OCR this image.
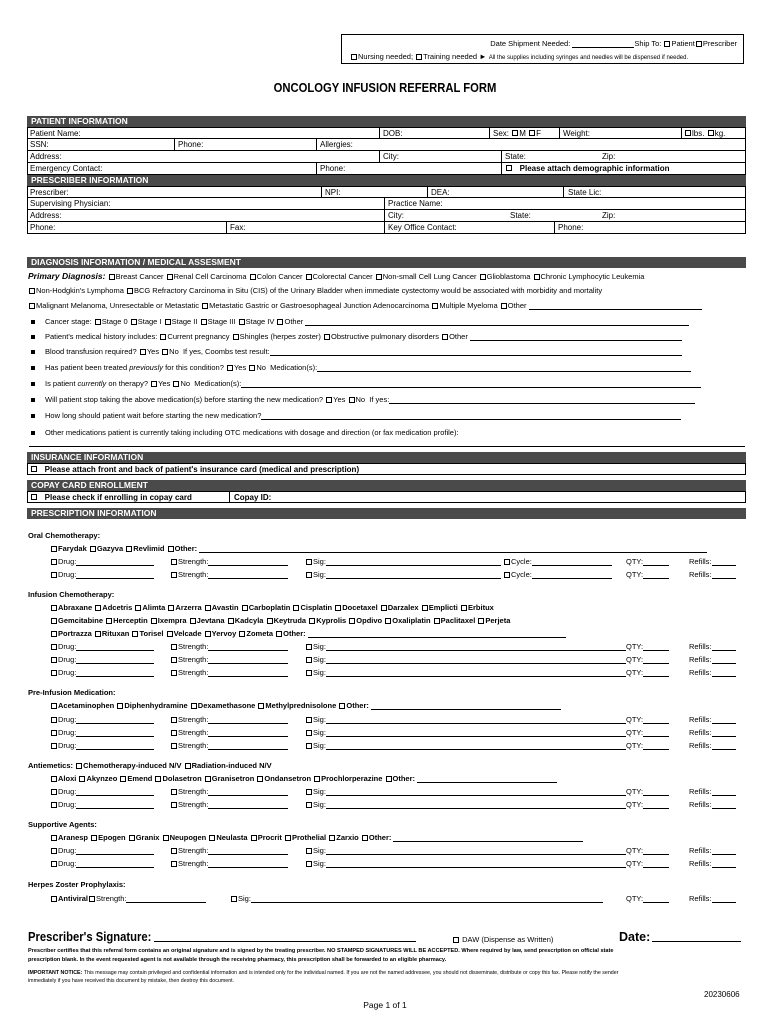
Date Shipment Needed:	Ship To: Patient Prescriber
Nursing needed; Training needed ► All the supplies including syringes and needles will be dispensed if needed.
ONCOLOGY INFUSION REFERRAL FORM
PATIENT INFORMATION
Patient Name:	DOB:	Sex: M F	Weight:	lbs. kg.
SSN:	Phone:	Allergies:
Address:	City:	State:	Zip:
Emergency Contact:	Phone:	Please attach demographic information
PRESCRIBER INFORMATION
Prescriber:	NPI:	DEA:	State Lic:
Supervising Physician:	Practice Name:
Address:	City:	State:	Zip:
Phone:	Fax:	Key Office Contact:	Phone:
DIAGNOSIS INFORMATION / MEDICAL ASSESMENT
Primary Diagnosis: Breast Cancer Renal Cell Carcinoma Colon Cancer Colorectal Cancer Non-small Cell Lung Cancer Glioblastoma Chronic Lymphocytic Leukemia
Non-Hodgkin's Lymphoma BCG Refractory Carcinoma in Situ (CIS) of the Urinary Bladder when immediate cystectomy would be associated with morbidity and mortality
Malignant Melanoma, Unresectable or Metastatic Metastatic Gastric or Gastroesophageal Junction Adenocarcinoma Multiple Myeloma Other
Cancer stage: Stage 0 Stage I Stage II Stage III Stage IV Other
Patient's medical history includes: Current pregnancy Shingles (herpes zoster) Obstructive pulmonary disorders Other
Blood transfusion required? Yes No If yes, Coombs test result:
Has patient been treated previously for this condition? Yes No Medication(s):
Is patient currently on therapy? Yes No Medication(s):
Will patient stop taking the above medication(s) before starting the new medication? Yes No If yes:
How long should patient wait before starting the new medication?
Other medications patient is currently taking including OTC medications with dosage and direction (or fax medication profile):
INSURANCE INFORMATION
Please attach front and back of patient's insurance card (medical and prescription)
COPAY CARD ENROLLMENT
Please check if enrolling in copay card	Copay ID:
PRESCRIPTION INFORMATION
Oral Chemotherapy:
Farydak Gazyva Revlimid Other:
Drug:	Strength:	Sig:	Cycle:	QTY:	Refills:
Drug:	Strength:	Sig:	Cycle:	QTY:	Refills:
Infusion Chemotherapy:
Abraxane Adcetris Alimta Arzerra Avastin Carboplatin Cisplatin Docetaxel Darzalex Emplicti Erbitux
Gemcitabine Herceptin Ixempra Jevtana Kadcyla Keytruda Kyprolis Opdivo Oxaliplatin Paclitaxel Perjeta
Portrazza Rituxan Torisel Velcade Yervoy Zometa Other:
Drug:	Strength:	Sig:	QTY:	Refills:
Drug:	Strength:	Sig:	QTY:	Refills:
Drug:	Strength:	Sig:	QTY:	Refills:
Pre-Infusion Medication:
Acetaminophen Diphenhydramine Dexamethasone Methylprednisolone Other:
Drug:	Strength:	Sig:	QTY:	Refills:
Drug:	Strength:	Sig:	QTY:	Refills:
Drug:	Strength:	Sig:	QTY:	Refills:
Antiemetics: Chemotherapy-induced N/V Radiation-induced N/V
Aloxi Akynzeo Emend Dolasetron Granisetron Ondansetron Prochlorperazine Other:
Drug:	Strength:	Sig:	QTY:	Refills:
Drug:	Strength:	Sig:	QTY:	Refills:
Supportive Agents:
Aranesp Epogen Granix Neupogen Neulasta Procrit Prothelial Zarxio Other:
Drug:	Strength:	Sig:	QTY:	Refills:
Drug:	Strength:	Sig:	QTY:	Refills:
Herpes Zoster Prophylaxis:
Antiviral Strength:	Sig:	QTY:	Refills:
Prescriber's Signature:	DAW (Dispense as Written)	Date:
Prescriber certifies that this referral form contains an original signature and is signed by the treating prescriber. NO STAMPED SIGNATURES WILL BE ACCEPTED. Where required by law, send prescription on official state
prescription blank. In the event requested agent is not available through the receiving pharmacy, this prescription shall be forwarded to an eligible pharmacy.
IMPORTANT NOTICE: This message may contain privileged and confidential information and is intended only for the individual named. If you are not the named addressee, you should not disseminate, distribute or copy this fax. Please notify the sender
immediately if you have received this document by mistake, then destroy this document.
20230606
Page 1 of 1
